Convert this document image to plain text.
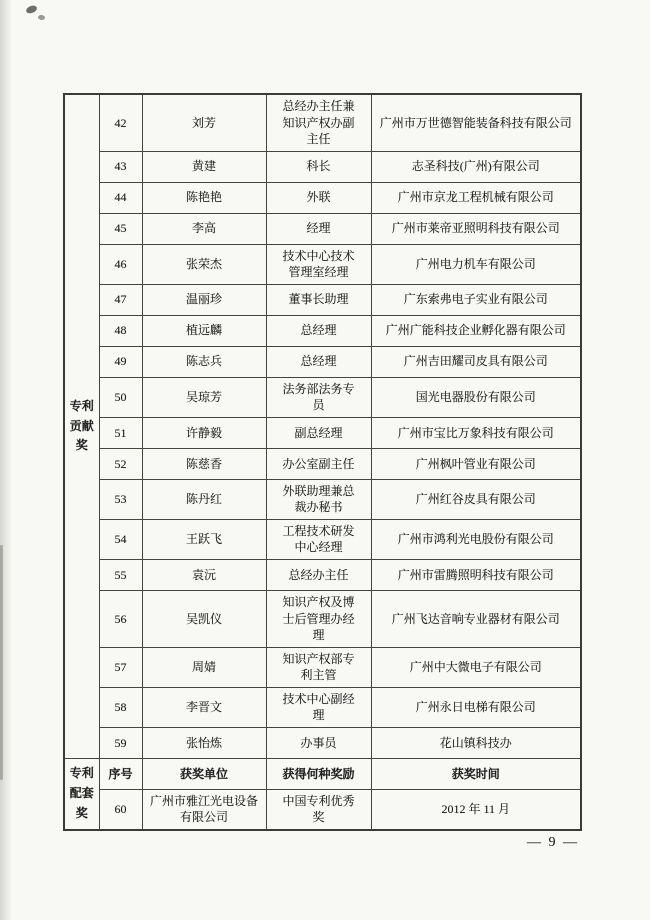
专利贡献奖	42	刘芳	总经办主任兼知识产权办副主任	广州市万世德智能装备科技有限公司
	43	黄建	科长	志圣科技(广州)有限公司
	44	陈艳艳	外联	广州市京龙工程机械有限公司
	45	李高	经理	广州市莱帝亚照明科技有限公司
	46	张荣杰	技术中心技术管理室经理	广州电力机车有限公司
	47	温丽珍	董事长助理	广东索弗电子实业有限公司
	48	植远麟	总经理	广州广能科技企业孵化器有限公司
	49	陈志兵	总经理	广州吉田耀司皮具有限公司
	50	吴琼芳	法务部法务专员	国光电器股份有限公司
	51	许静毅	副总经理	广州市宝比万象科技有限公司
	52	陈慈香	办公室副主任	广州枫叶管业有限公司
	53	陈丹红	外联助理兼总裁办秘书	广州红谷皮具有限公司
	54	王跃飞	工程技术研发中心经理	广州市鸿利光电股份有限公司
	55	袁沅	总经办主任	广州市雷腾照明科技有限公司
	56	吴凯仪	知识产权及博士后管理办经理	广州飞达音响专业器材有限公司
	57	周婧	知识产权部专利主管	广州中大微电子有限公司
	58	李晋文	技术中心副经理	广州永日电梯有限公司
	59	张怡炼	办事员	花山镇科技办
专利配套奖	序号	获奖单位	获得何种奖励	获奖时间
	60	广州市雅江光电设备有限公司	中国专利优秀奖	2012 年 11 月
— 9 —
